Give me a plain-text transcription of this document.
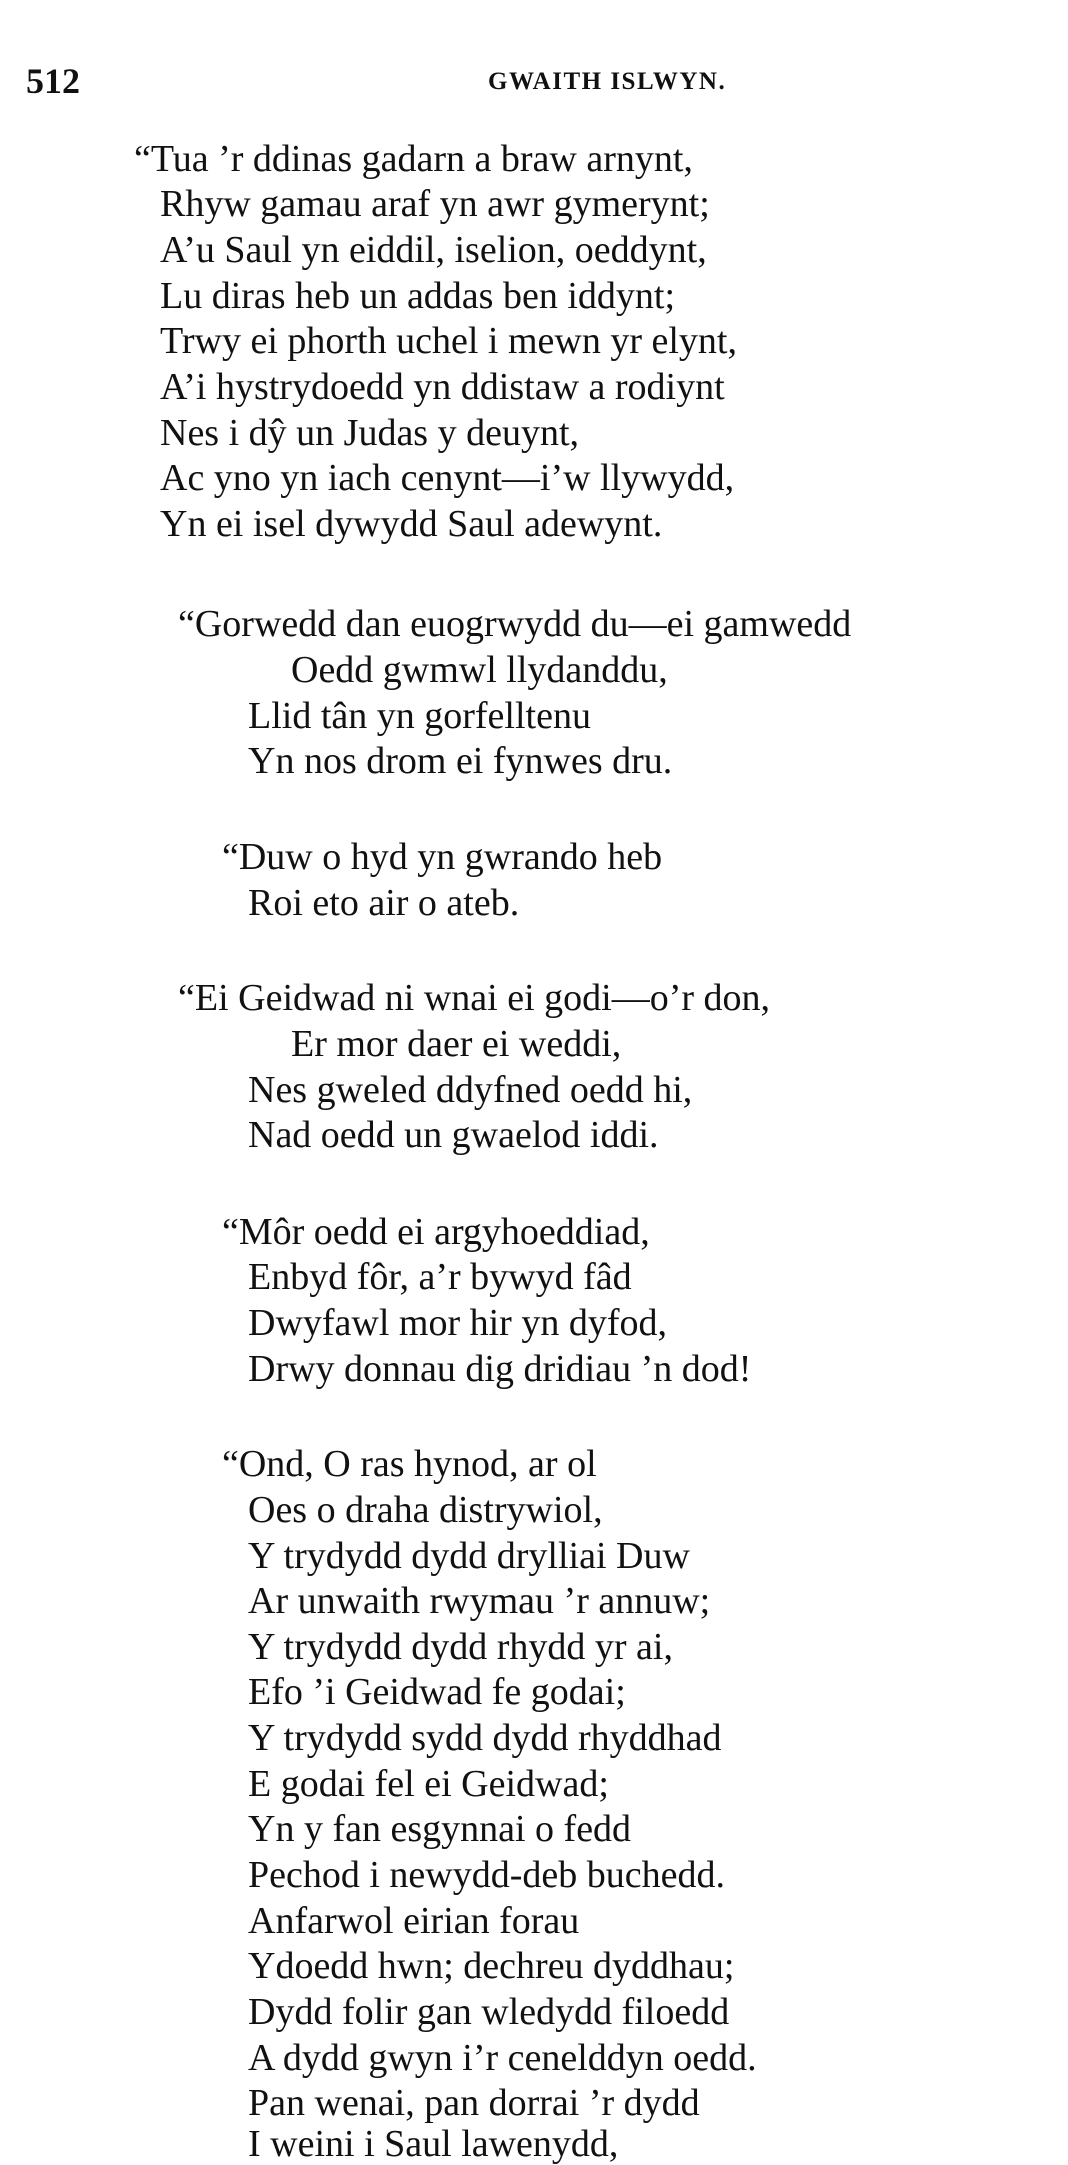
512	GWAITH ISLWYN.
“Tua ’r ddinas gadarn a braw arnynt,
Rhyw gamau araf yn awr gymerynt;
A’u Saul yn eiddil, iselion, oeddynt,
Lu diras heb un addas ben iddynt;
Trwy ei phorth uchel i mewn yr elynt,
A’i hystrydoedd yn ddistaw a rodiynt
Nes i dŷ un Judas y deuynt,
Ac yno yn iach cenynt—i’w llywydd,
Yn ei isel dywydd Saul adewynt.
“Gorwedd dan euogrwydd du—ei gamwedd
Oedd gwmwl llydanddu,
Llid tân yn gorfelltenu
Yn nos drom ei fynwes dru.
“Duw o hyd yn gwrando heb
Roi eto air o ateb.
“Ei Geidwad ni wnai ei godi—o’r don,
Er mor daer ei weddi,
Nes gweled ddyfned oedd hi,
Nad oedd un gwaelod iddi.
“Môr oedd ei argyhoeddiad,
Enbyd fôr, a’r bywyd fâd
Dwyfawl mor hir yn dyfod,
Drwy donnau dig dridiau ’n dod!
“Ond, O ras hynod, ar ol
Oes o draha distrywiol,
Y trydydd dydd drylliai Duw
Ar unwaith rwymau ’r annuw;
Y trydydd dydd rhydd yr ai,
Efo ’i Geidwad fe godai;
Y trydydd sydd dydd rhyddhad
E godai fel ei Geidwad;
Yn y fan esgynnai o fedd
Pechod i newydd-deb buchedd.
Anfarwol eirian forau
Ydoedd hwn; dechreu dyddhau;
Dydd folir gan wledydd filoedd
A dydd gwyn i’r cenelddyn oedd.
Pan wenai, pan dorrai ’r dydd
I weini i Saul lawenydd,
